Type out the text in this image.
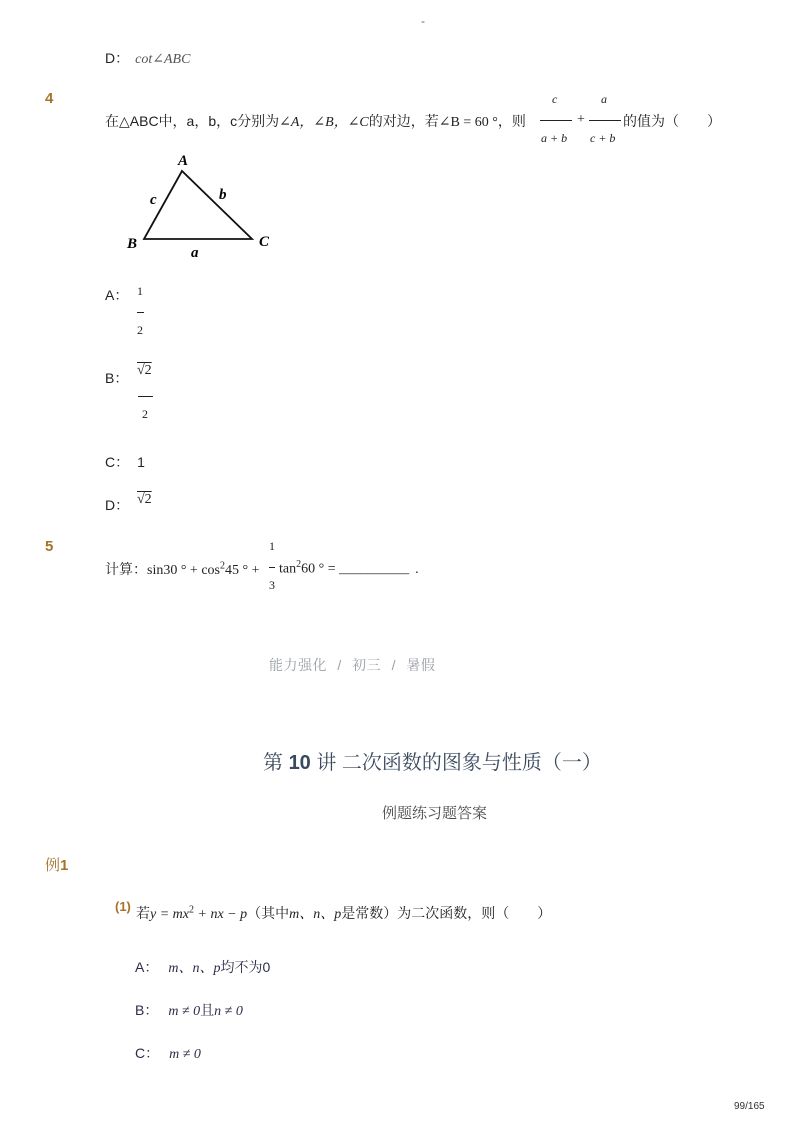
-
D： cot∠ABC
4
在△ABC中，a，b，c分别为∠A，∠B，∠C的对边，若∠B = 60 °，则
c
a + b
+
a
c + b
的值为（　　）
A
B	C
a
b
c
A： 1
2
B： √2
2
C： 1
D： √2
5
计算：sin30 ° + $\cos^245$ ° +
1
3
$\tan^260$ ° = __________ .
能力强化 / 初三 / 暑假
第 10 讲 二次函数的图象与性质（一）
例题练习题答案
例1
(1) 若$y = mx^2$ + nx − p（其中m、n、p是常数）为二次函数，则（　　）
A： m、n、p均不为0
B： m ≠ 0且n ≠ 0
C： m ≠ 0
99/165
